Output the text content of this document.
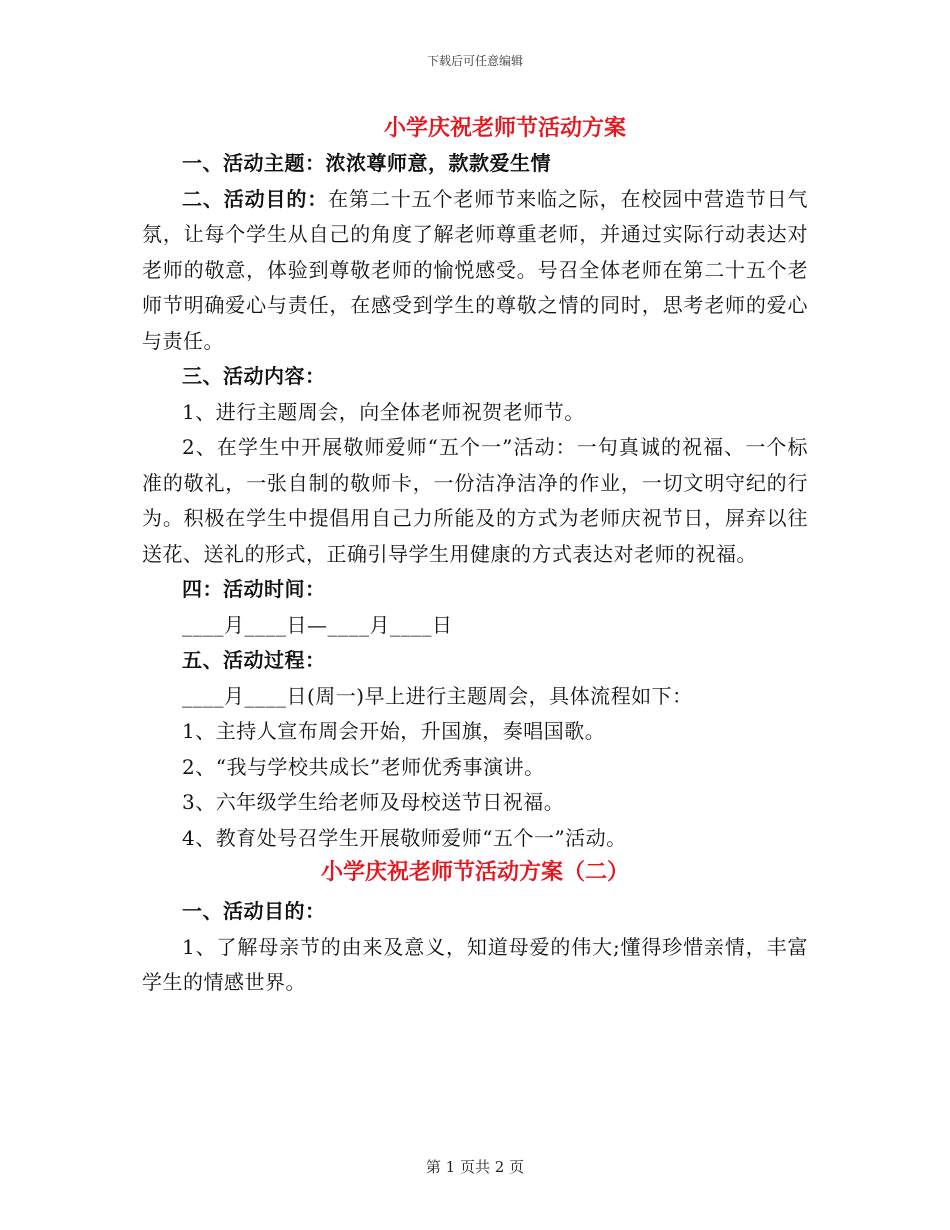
下载后可任意编辑
小学庆祝老师节活动方案

一、活动主题：浓浓尊师意，款款爱生情

二、活动目的：在第二十五个老师节来临之际，在校园中营造节日气氛，让每个学生从自己的角度了解老师尊重老师，并通过实际行动表达对老师的敬意，体验到尊敬老师的愉悦感受。号召全体老师在第二十五个老师节明确爱心与责任，在感受到学生的尊敬之情的同时，思考老师的爱心与责任。

三、活动内容：

1、进行主题周会，向全体老师祝贺老师节。

2、在学生中开展敬师爱师“五个一”活动：一句真诚的祝福、一个标准的敬礼，一张自制的敬师卡，一份洁净洁净的作业，一切文明守纪的行为。积极在学生中提倡用自己力所能及的方式为老师庆祝节日，屏弃以往送花、送礼的形式，正确引导学生用健康的方式表达对老师的祝福。

四：活动时间：

____月____日—____月____日

五、活动过程：

____月____日(周一)早上进行主题周会，具体流程如下：

1、主持人宣布周会开始，升国旗，奏唱国歌。

2、“我与学校共成长”老师优秀事演讲。

3、六年级学生给老师及母校送节日祝福。

4、教育处号召学生开展敬师爱师“五个一”活动。

小学庆祝老师节活动方案（二）

一、活动目的：

1、了解母亲节的由来及意义，知道母爱的伟大;懂得珍惜亲情，丰富学生的情感世界。

第 1 页共 2 页
